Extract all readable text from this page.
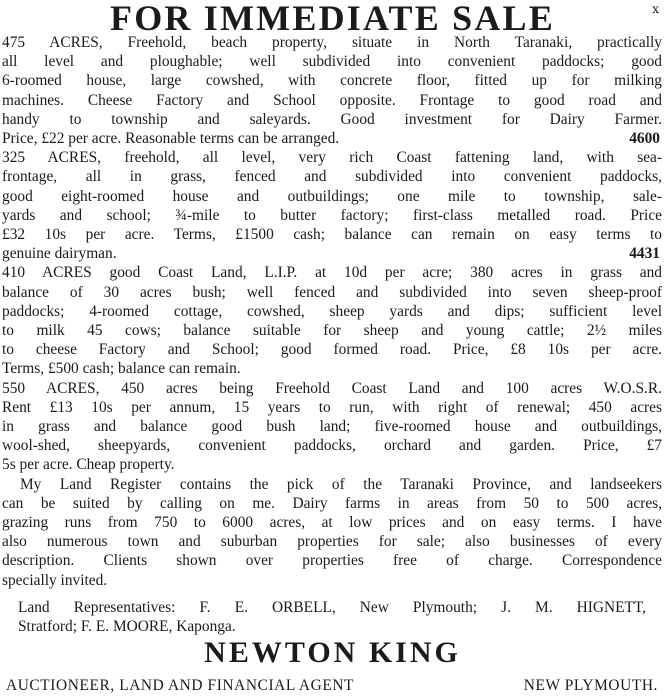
FOR IMMEDIATE SALE	x
475 ACRES, Freehold, beach property, situate in North Taranaki, practically
all level and ploughable; well subdivided into convenient paddocks; good
6-roomed house, large cowshed, with concrete floor, fitted up for milking
machines. Cheese Factory and School opposite. Frontage to good road and
handy to township and saleyards. Good investment for Dairy Farmer.
Price, £22 per acre. Reasonable terms can be arranged.	4600
325 ACRES, freehold, all level, very rich Coast fattening land, with sea-
frontage, all in grass, fenced and subdivided into convenient paddocks,
good eight-roomed house and outbuildings; one mile to township, sale-
yards and school; ¾-mile to butter factory; first-class metalled road. Price
£32 10s per acre. Terms, £1500 cash; balance can remain on easy terms to
genuine dairyman.	4431
410 ACRES good Coast Land, L.I.P. at 10d per acre; 380 acres in grass and
balance of 30 acres bush; well fenced and subdivided into seven sheep-proof
paddocks; 4-roomed cottage, cowshed, sheep yards and dips; sufficient level
to milk 45 cows; balance suitable for sheep and young cattle; 2½ miles
to cheese Factory and School; good formed road. Price, £8 10s per acre.
Terms, £500 cash; balance can remain.
550 ACRES, 450 acres being Freehold Coast Land and 100 acres W.O.S.R.
Rent £13 10s per annum, 15 years to run, with right of renewal; 450 acres
in grass and balance good bush land; five-roomed house and outbuildings,
wool-shed, sheepyards, convenient paddocks, orchard and garden. Price, £7
5s per acre. Cheap property.
My Land Register contains the pick of the Taranaki Province, and landseekers
can be suited by calling on me. Dairy farms in areas from 50 to 500 acres,
grazing runs from 750 to 6000 acres, at low prices and on easy terms. I have
also numerous town and suburban properties for sale; also businesses of every
description. Clients shown over properties free of charge. Correspondence
specially invited.
Land Representatives: F. E. ORBELL, New Plymouth; J. M. HIGNETT,
Stratford; F. E. MOORE, Kaponga.
NEWTON KING
AUCTIONEER, LAND AND FINANCIAL AGENT	NEW PLYMOUTH.
